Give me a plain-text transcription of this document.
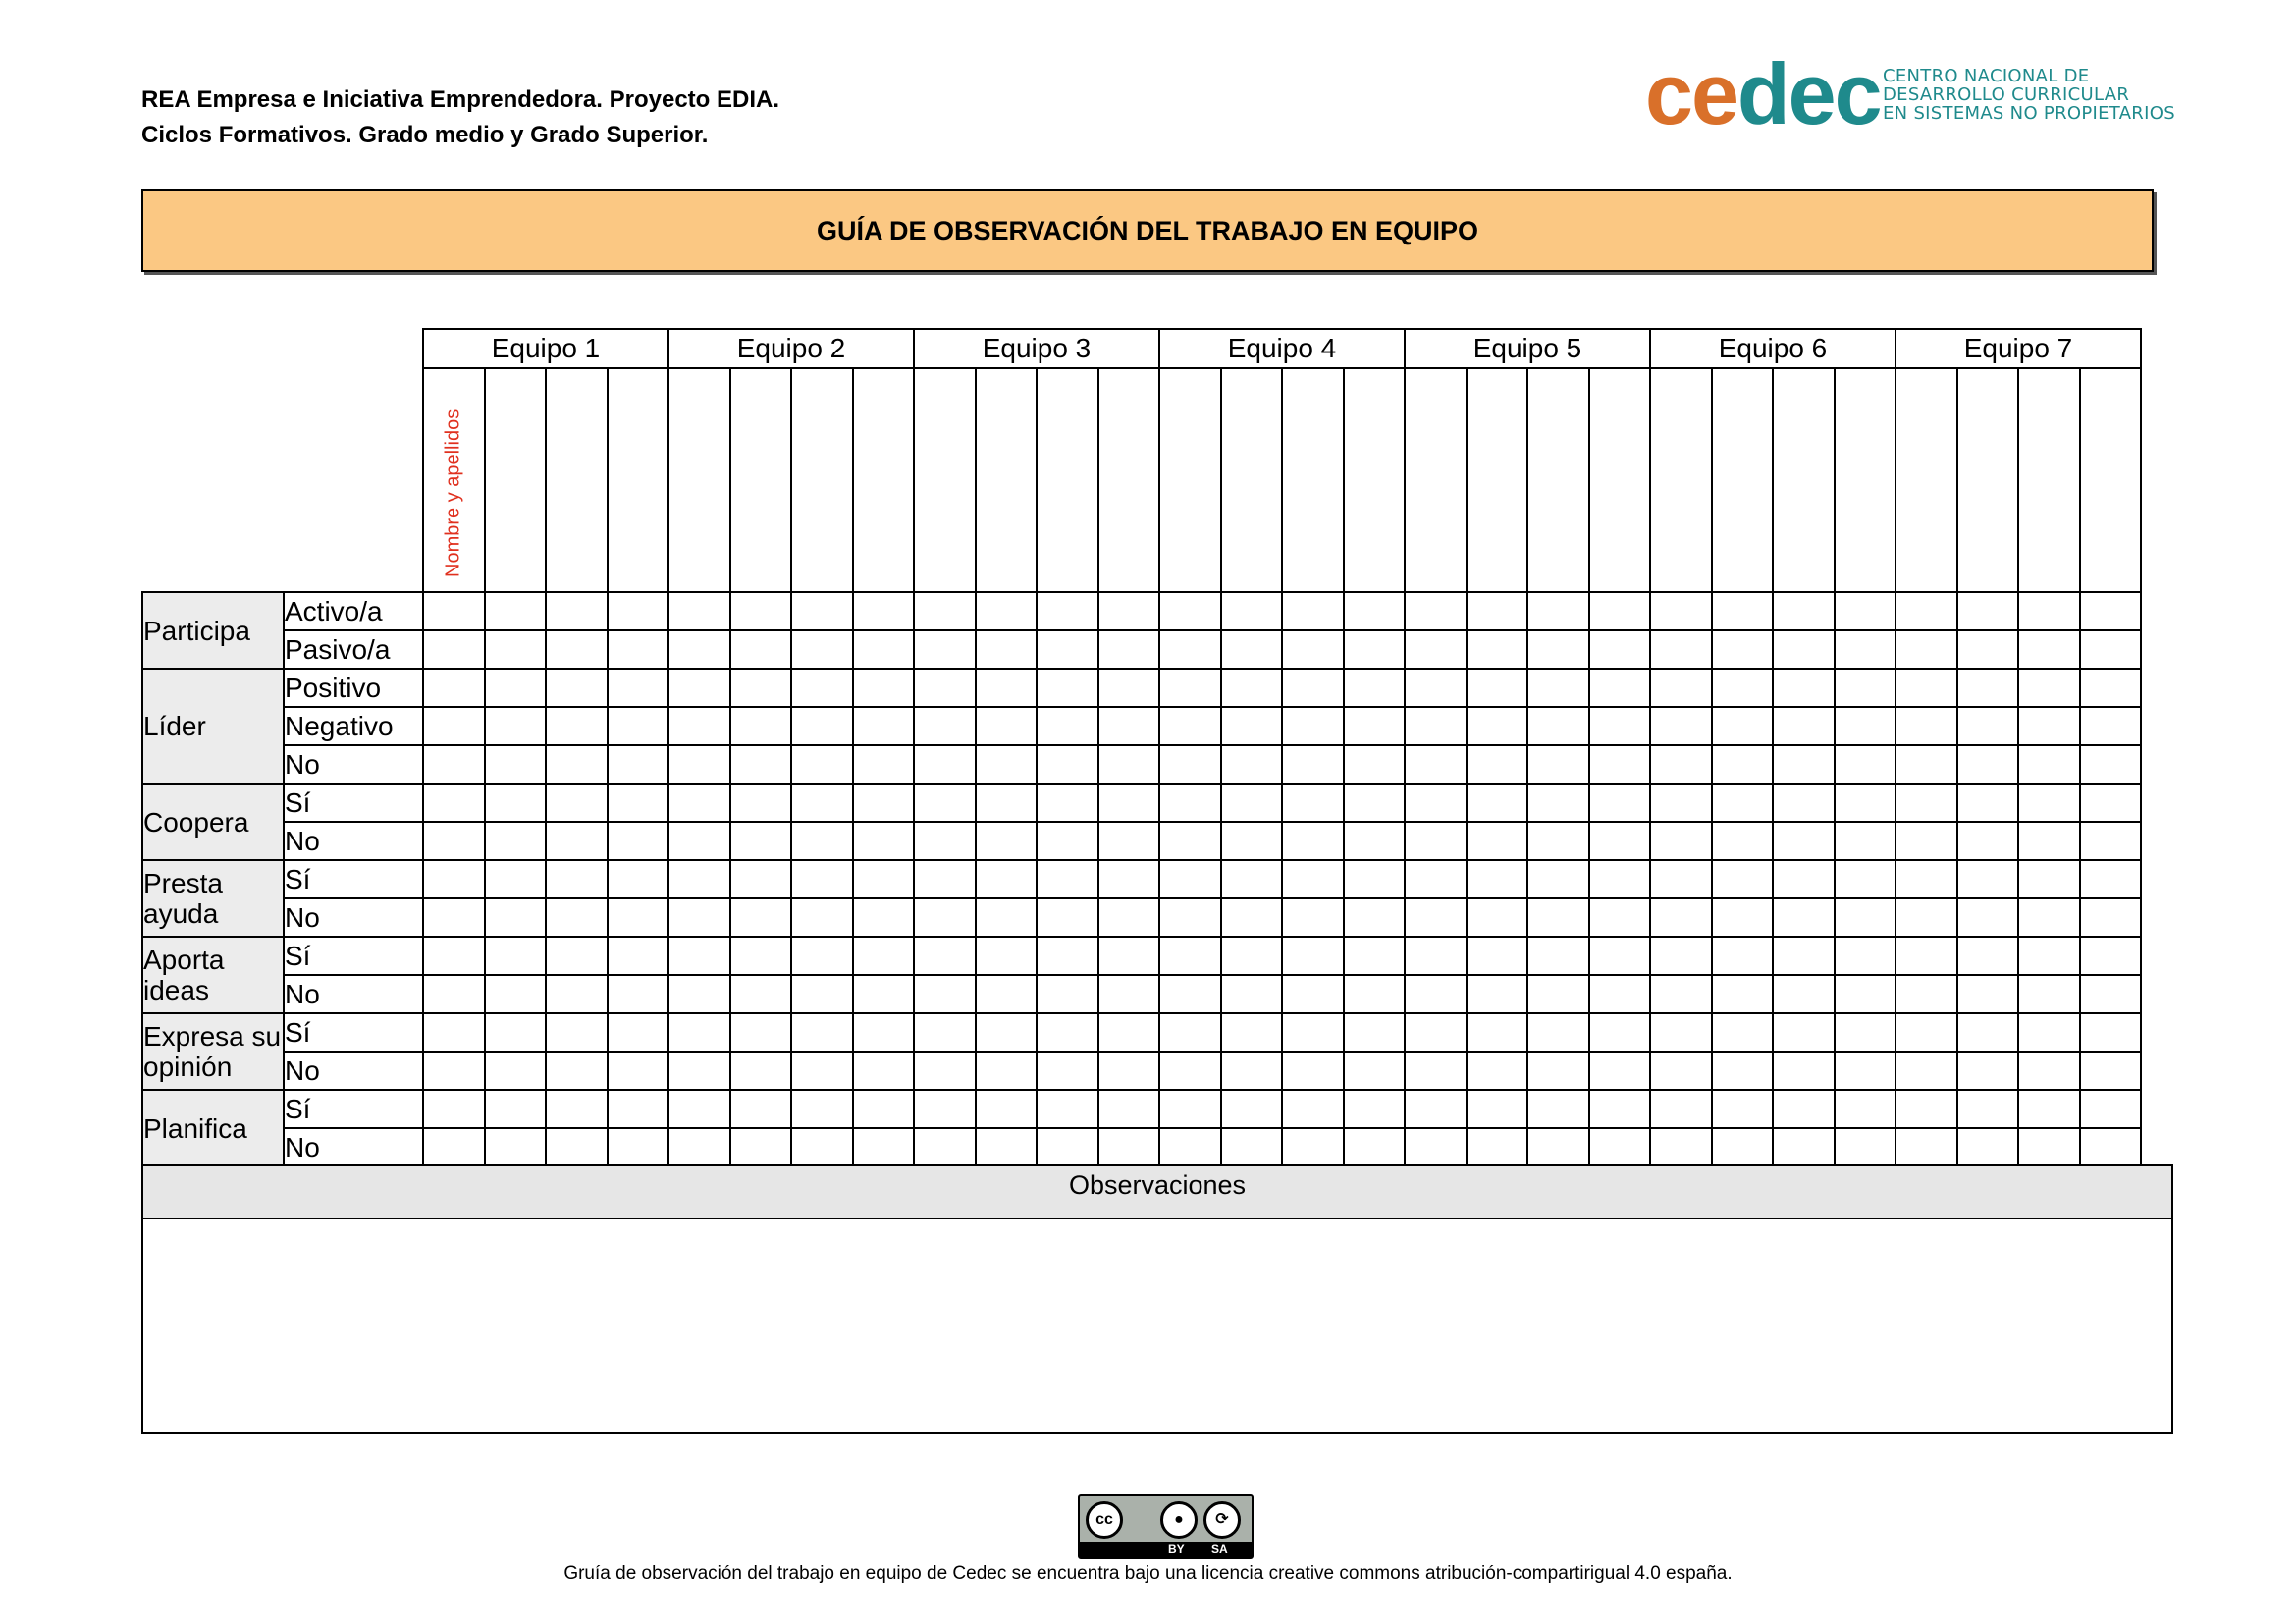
REA Empresa e Iniciativa Emprendedora. Proyecto EDIA.
Ciclos Formativos. Grado medio y Grado Superior.	cedec CENTRO NACIONAL DE
DESARROLLO CURRICULAR
EN SISTEMAS NO PROPIETARIOS
GUÍA DE OBSERVACIÓN DEL TRABAJO EN EQUIPO
		Equipo 1				Equipo 2				Equipo 3				Equipo 4				Equipo 5				Equipo 6				Equipo 7			

		Nombre y apellidos																											

Participa	Activo/a																												
	Pasivo/a																												
Líder	Positivo																												
	Negativo																												
	No																												
Coopera	Sí																												
	No																												
Presta ayuda	Sí																												
	No																												
Aporta ideas	Sí																												
	No																												
Expresa su opinión	Sí																												
	No																												
Planifica	Sí																												
	No																												
Observaciones
cc	●	⟳
BY SA
Gruía de observación del trabajo en equipo de Cedec se encuentra bajo una licencia creative commons atribución-compartirigual 4.0 españa.
